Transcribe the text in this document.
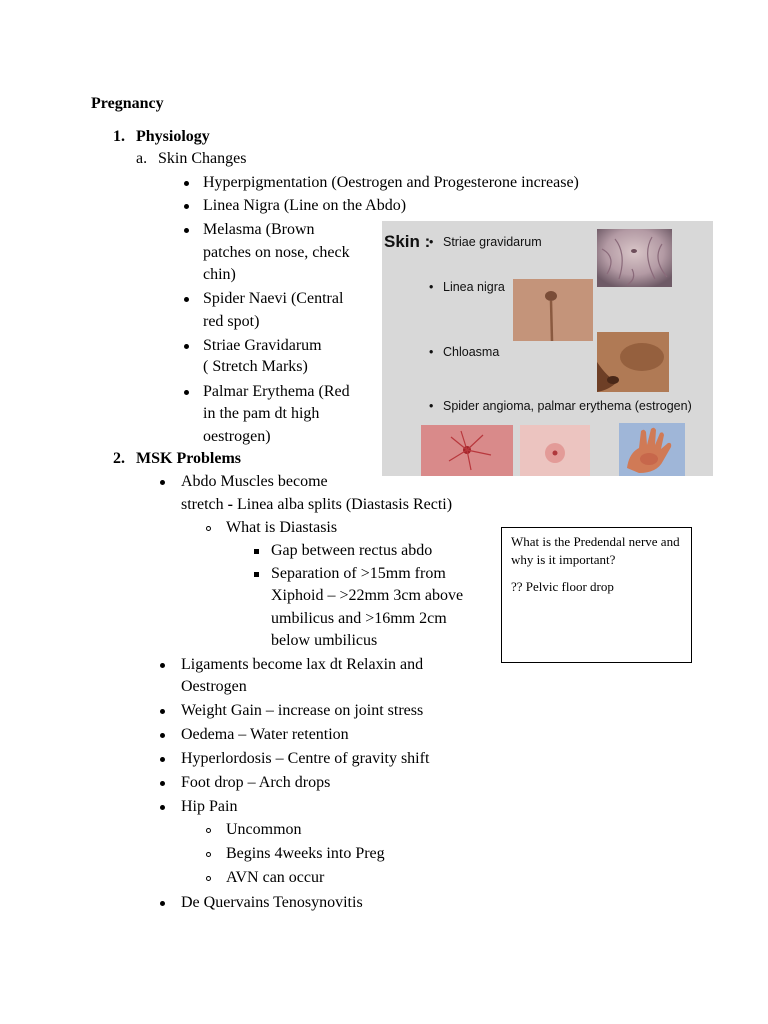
Pregnancy
1. Physiology
a. Skin Changes
Hyperpigmentation (Oestrogen and Progesterone increase)
Linea Nigra (Line on the Abdo)
Melasma (Brown
patches on nose, check
chin)
Spider Naevi (Central
red spot)
Striae Gravidarum
( Stretch Marks)
Palmar Erythema (Red
in the pam dt high
oestrogen)
Skin :
• Striae gravidarum
• Linea nigra
• Chloasma
• Spider angioma, palmar erythema (estrogen)
2. MSK Problems
Abdo Muscles become
stretch - Linea alba splits (Diastasis Recti)
What is Diastasis
Gap between rectus abdo
Separation of >15mm from
Xiphoid – >22mm 3cm above
umbilicus and >16mm 2cm
below umbilicus
Ligaments become lax dt Relaxin and
Oestrogen
Weight Gain – increase on joint stress
Oedema – Water retention
Hyperlordosis – Centre of gravity shift
Foot drop – Arch drops
Hip Pain
Uncommon
Begins 4weeks into Preg
AVN can occur
De Quervains Tenosynovitis
What is the Predendal nerve and why is it important?
?? Pelvic floor drop
